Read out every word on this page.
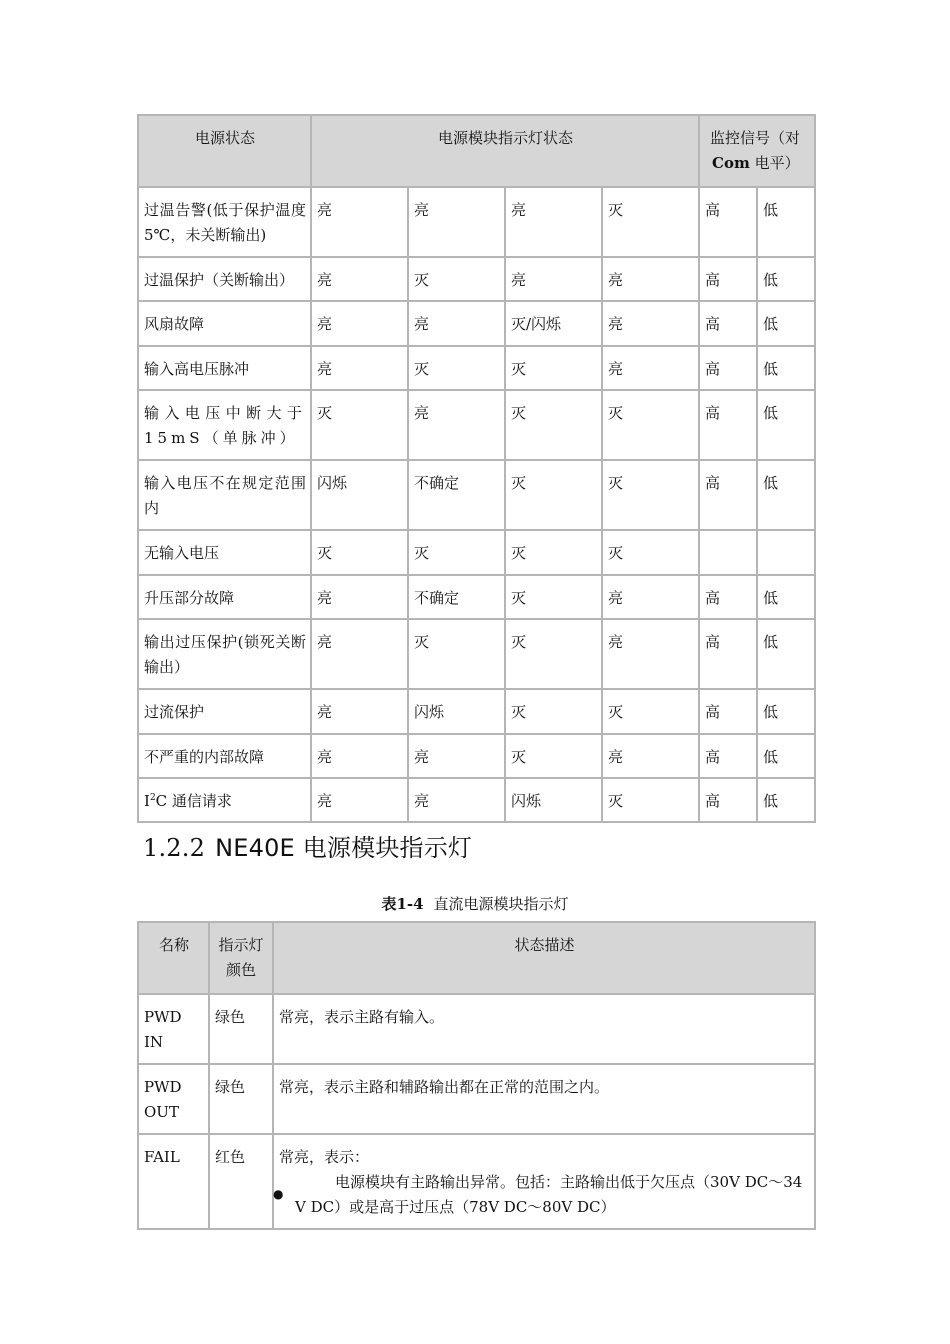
电源状态	电源模块指示灯状态				监控信号（对
Com 电平）	
过温告警(低于保护温度 5℃，未关断输出)	亮	亮	亮	灭	高	低
过温保护（关断输出）	亮	灭	亮	亮	高	低
风扇故障	亮	亮	灭/闪烁	亮	高	低
输入高电压脉冲	亮	灭	灭	亮	高	低
输入电压中断大于15mS（单脉冲）	灭	亮	灭	灭	高	低
输入电压不在规定范围内	闪烁	不确定	灭	灭	高	低
无输入电压	灭	灭	灭	灭		
升压部分故障	亮	不确定	灭	亮	高	低
输出过压保护(锁死关断输出）	亮	灭	灭	亮	高	低
过流保护	亮	闪烁	灭	灭	高	低
不严重的内部故障	亮	亮	灭	亮	高	低
$I^2C$ 通信请求	亮	亮	闪烁	灭	高	低
1.2.2 NE40E 电源模块指示灯
表1-4 直流电源模块指示灯
名称	指示灯颜色	状态描述
PWD IN	绿色	常亮，表示主路有输入。
PWD OUT	绿色	常亮，表示主路和辅路输出都在正常的范围之内。
FAIL	红色	常亮，表示：
●
电源模块有主路输出异常。包括：主路输出低于欠压点（30V DC～34V DC）或是高于过压点（78V DC～80V DC）
